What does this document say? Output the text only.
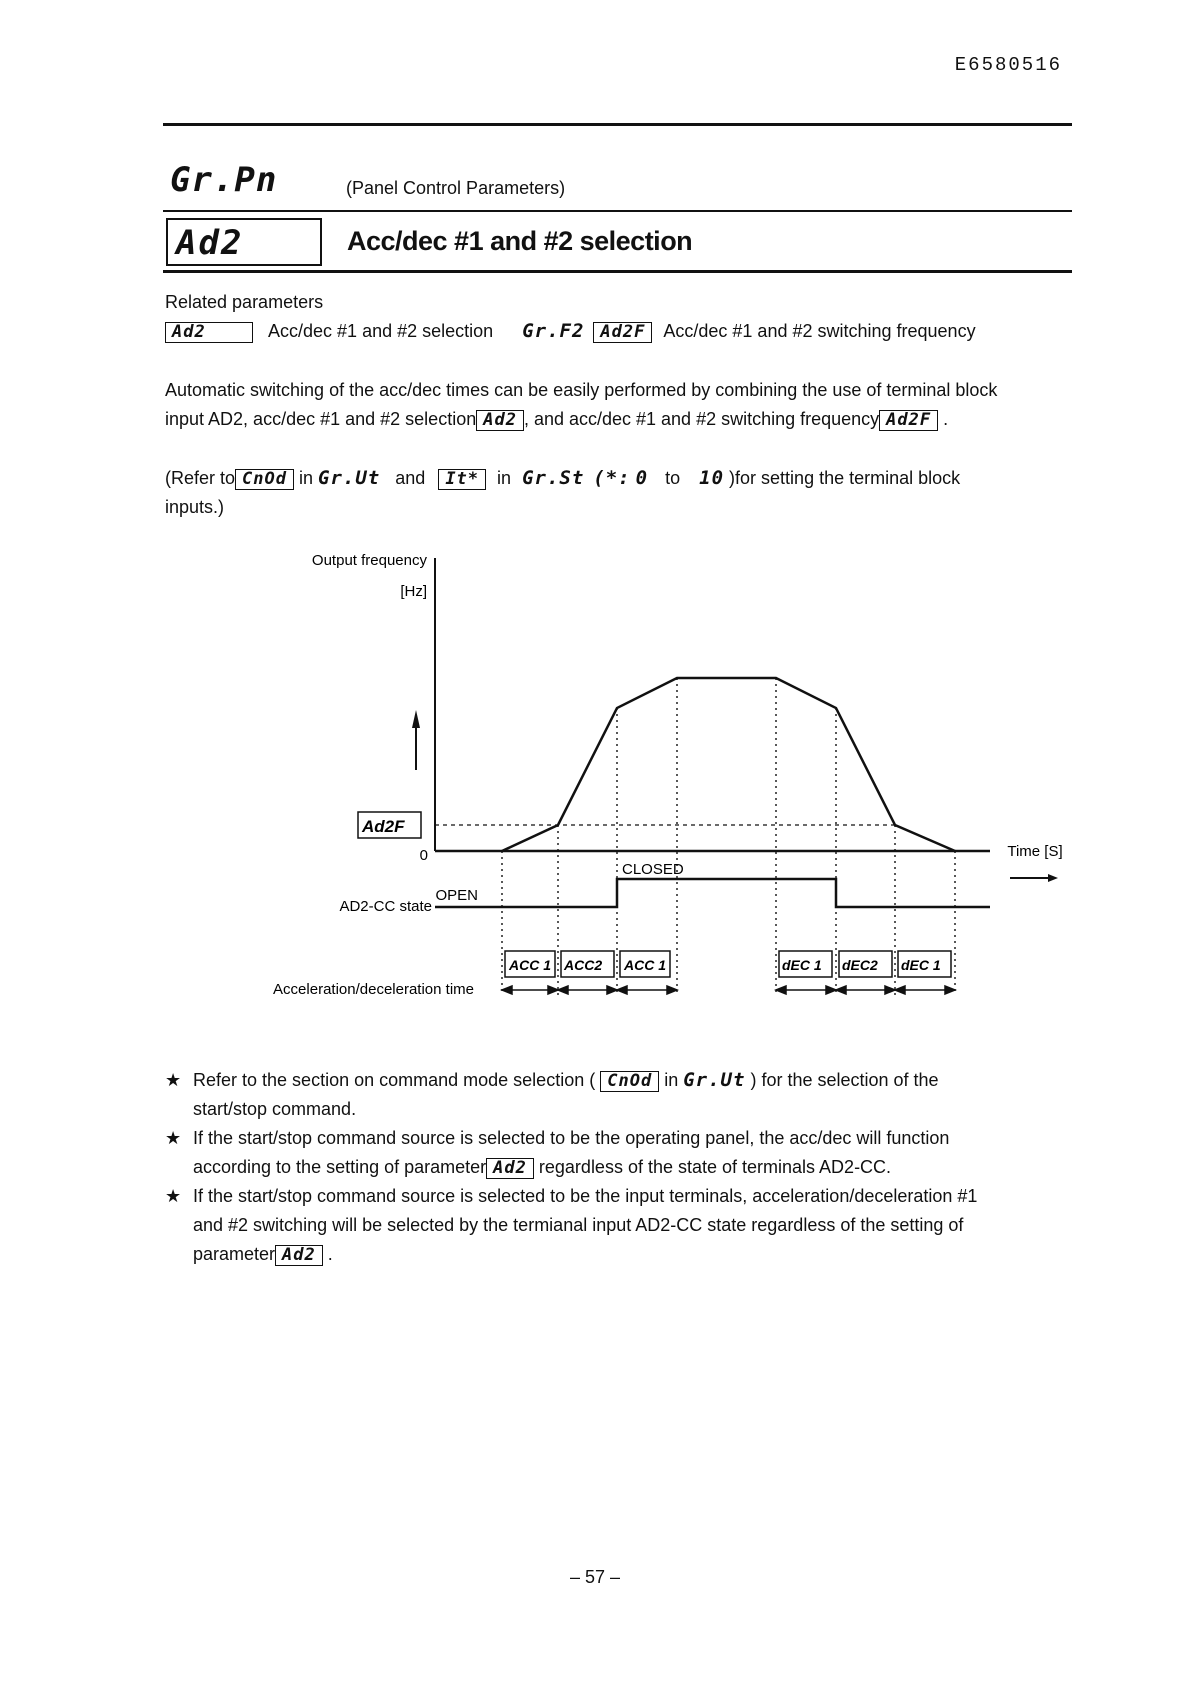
E6580516
Gr.Pn	(Panel Control Parameters)
Ad2	Acc/dec #1 and #2 selection
Related parameters
Ad2	Acc/dec #1 and #2 selection Gr.F2 Ad2F Acc/dec #1 and #2 switching frequency
Automatic switching of the acc/dec times can be easily performed by combining the use of terminal block
input AD2, acc/dec #1 and #2 selection Ad2 , and acc/dec #1 and #2 switching frequency Ad2F .
(Refer to CnOd in Gr.Ut and It* in Gr.St (*: 0 to 10 )for setting the terminal block
inputs.)
Output frequency
[Hz]
Time [S]
0
Ad2F
AD2-CC state
OPEN
CLOSED
ACC 1 ACC2 ACC 1	dEC 1 dEC2 dEC 1
Acceleration/deceleration time
★ Refer to the section on command mode selection ( CnOd in Gr.Ut ) for the selection of the
start/stop command.
★ If the start/stop command source is selected to be the operating panel, the acc/dec will function
according to the setting of parameter Ad2 regardless of the state of terminals AD2-CC.
★ If the start/stop command source is selected to be the input terminals, acceleration/deceleration #1
and #2 switching will be selected by the termianal input AD2-CC state regardless of the setting of
parameter Ad2 .
– 57 –
